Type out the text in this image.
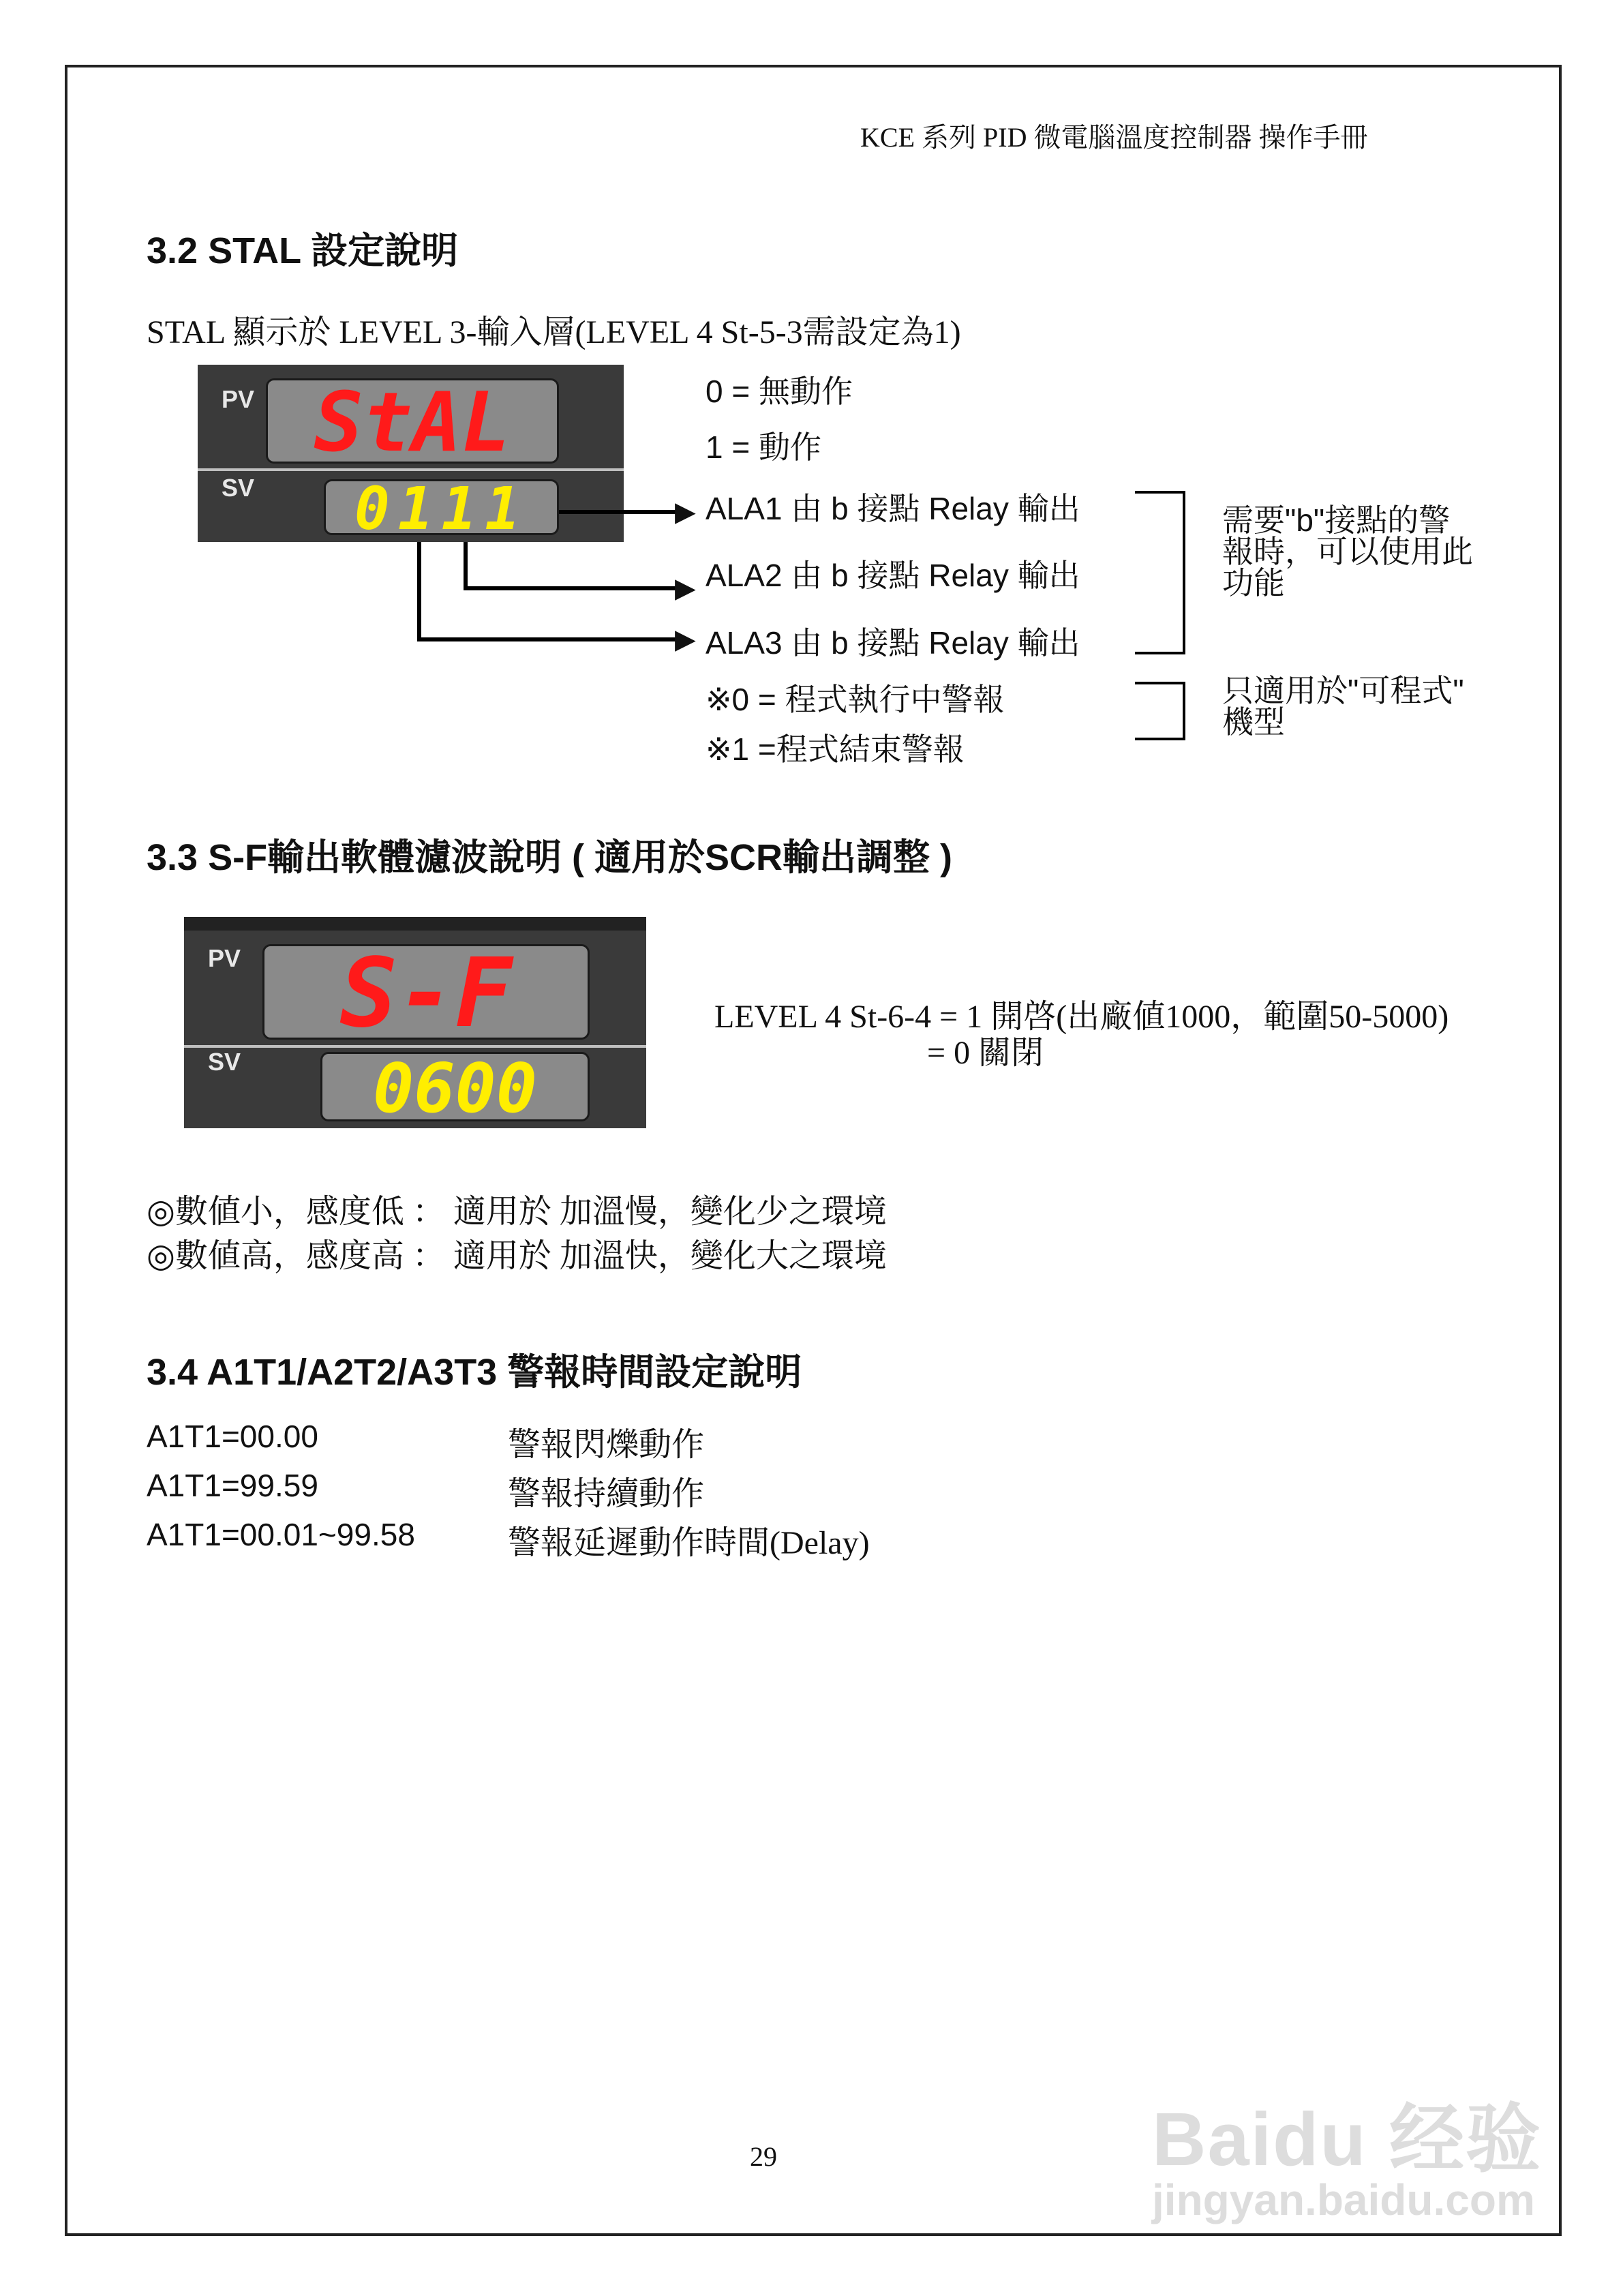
KCE 系列 PID 微電腦溫度控制器 操作手冊
3.2 STAL 設定說明
STAL 顯示於 LEVEL 3-輸入層(LEVEL 4 St-5-3需設定為1)
PV
SV
StAL
0111	▶
▶
▶
0 = 無動作
1 = 動作
ALA1 由 b 接點 Relay 輸出
ALA2 由 b 接點 Relay 輸出
ALA3 由 b 接點 Relay 輸出
※0 = 程式執行中警報
※1 =程式結束警報
需要"b"接點的警
報時，可以使用此
功能
只適用於"可程式"
機型
3.3 S-F輸出軟體濾波說明 ( 適用於SCR輸出調整 )
PV
SV
S-F
0600
LEVEL 4 St-6-4 = 1 開啓(出廠値1000，範圍50-5000)
= 0 關閉
◎數値小，感度低 ： 適用於 加溫慢，變化少之環境
◎數値高，感度高 ： 適用於 加溫快，變化大之環境
3.4 A1T1/A2T2/A3T3 警報時間設定說明
A1T1=00.00	警報閃爍動作
A1T1=99.59	警報持續動作
A1T1=00.01~99.58	警報延遲動作時間(Delay)
29	Baidu 经验
jingyan.baidu.com
